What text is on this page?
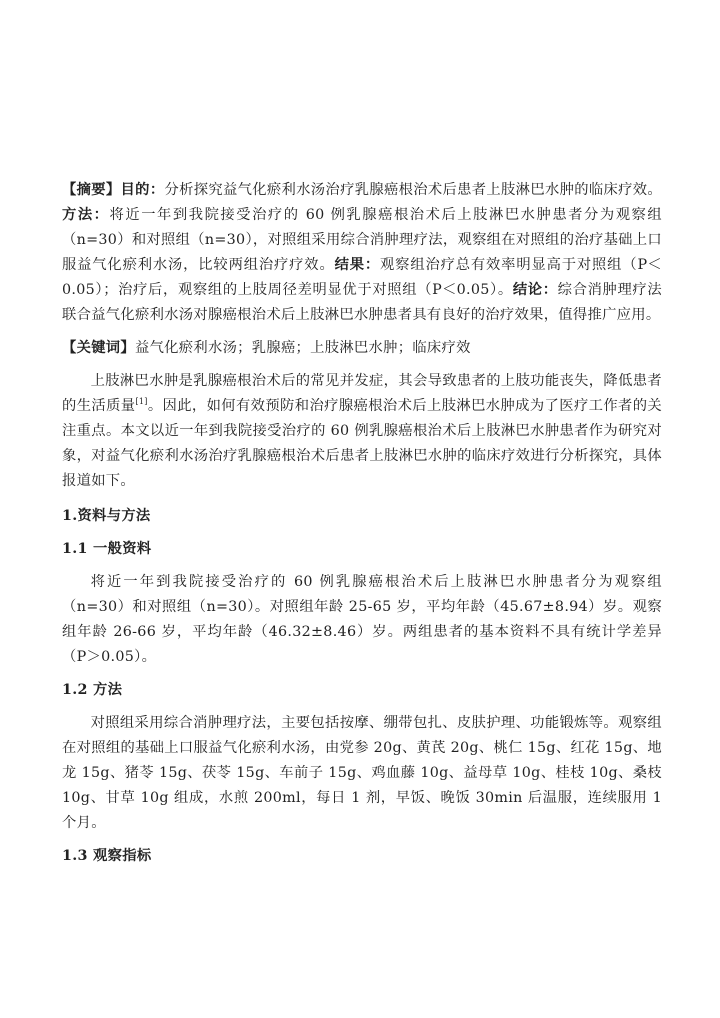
【摘要】目的：分析探究益气化瘀利水汤治疗乳腺癌根治术后患者上肢淋巴水肿的临床疗效。方法：将近一年到我院接受治疗的 60 例乳腺癌根治术后上肢淋巴水肿患者分为观察组（n=30）和对照组（n=30），对照组采用综合消肿理疗法，观察组在对照组的治疗基础上口服益气化瘀利水汤，比较两组治疗疗效。结果：观察组治疗总有效率明显高于对照组（P＜0.05）；治疗后，观察组的上肢周径差明显优于对照组（P＜0.05）。结论：综合消肿理疗法联合益气化瘀利水汤对腺癌根治术后上肢淋巴水肿患者具有良好的治疗效果，值得推广应用。

【关键词】益气化瘀利水汤；乳腺癌；上肢淋巴水肿；临床疗效

上肢淋巴水肿是乳腺癌根治术后的常见并发症，其会导致患者的上肢功能丧失，降低患者的生活质量[1]。因此，如何有效预防和治疗腺癌根治术后上肢淋巴水肿成为了医疗工作者的关注重点。本文以近一年到我院接受治疗的 60 例乳腺癌根治术后上肢淋巴水肿患者作为研究对象，对益气化瘀利水汤治疗乳腺癌根治术后患者上肢淋巴水肿的临床疗效进行分析探究，具体报道如下。

1.资料与方法
1.1 一般资料

将近一年到我院接受治疗的 60 例乳腺癌根治术后上肢淋巴水肿患者分为观察组（n=30）和对照组（n=30）。对照组年龄 25-65 岁，平均年龄（45.67±8.94）岁。观察组年龄 26-66 岁，平均年龄（46.32±8.46）岁。两组患者的基本资料不具有统计学差异（P＞0.05）。

1.2 方法

对照组采用综合消肿理疗法，主要包括按摩、绷带包扎、皮肤护理、功能锻炼等。观察组在对照组的基础上口服益气化瘀利水汤，由党参 20g、黄芪 20g、桃仁 15g、红花 15g、地龙 15g、猪苓 15g、茯苓 15g、车前子 15g、鸡血藤 10g、益母草 10g、桂枝 10g、桑枝 10g、甘草 10g 组成，水煎 200ml，每日 1 剂，早饭、晚饭 30min 后温服，连续服用 1 个月。

1.3 观察指标
